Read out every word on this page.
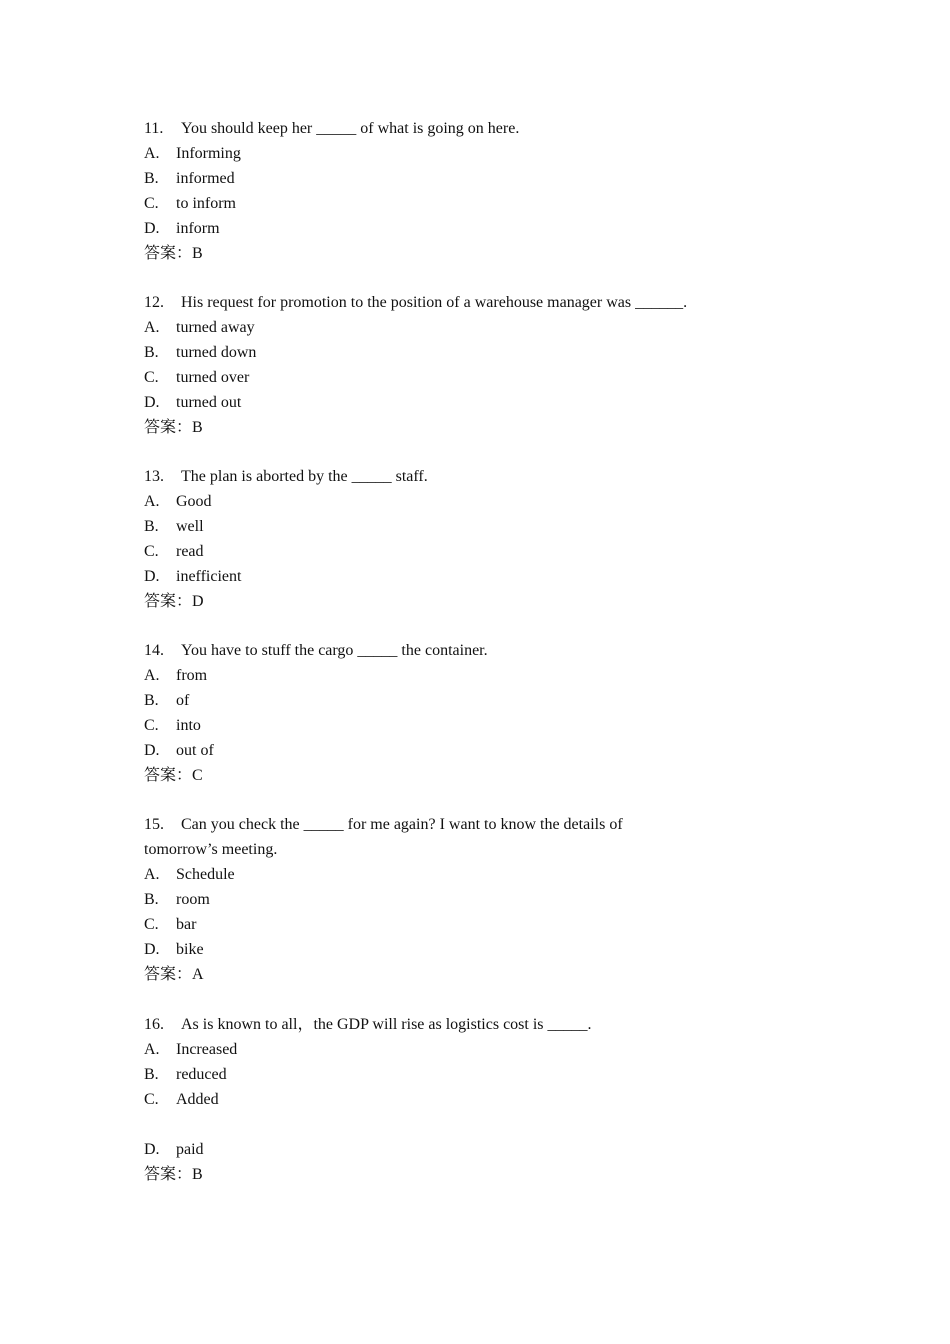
11. You should keep her _____ of what is going on here.
A. Informing
B. informed
C. to inform
D. inform
答案：B
12. His request for promotion to the position of a warehouse manager was ______.
A. turned away
B. turned down
C. turned over
D. turned out
答案：B
13. The plan is aborted by the _____ staff.
A. Good
B. well
C. read
D. inefficient
答案：D
14. You have to stuff the cargo _____ the container.
A. from
B. of
C. into
D. out of
答案：C
15. Can you check the _____ for me again? I want to know the details of
tomorrow’s meeting.
A. Schedule
B. room
C. bar
D. bike
答案：A
16. As is known to all，the GDP will rise as logistics cost is _____.
A. Increased
B. reduced
C. Added
D. paid
答案：B
